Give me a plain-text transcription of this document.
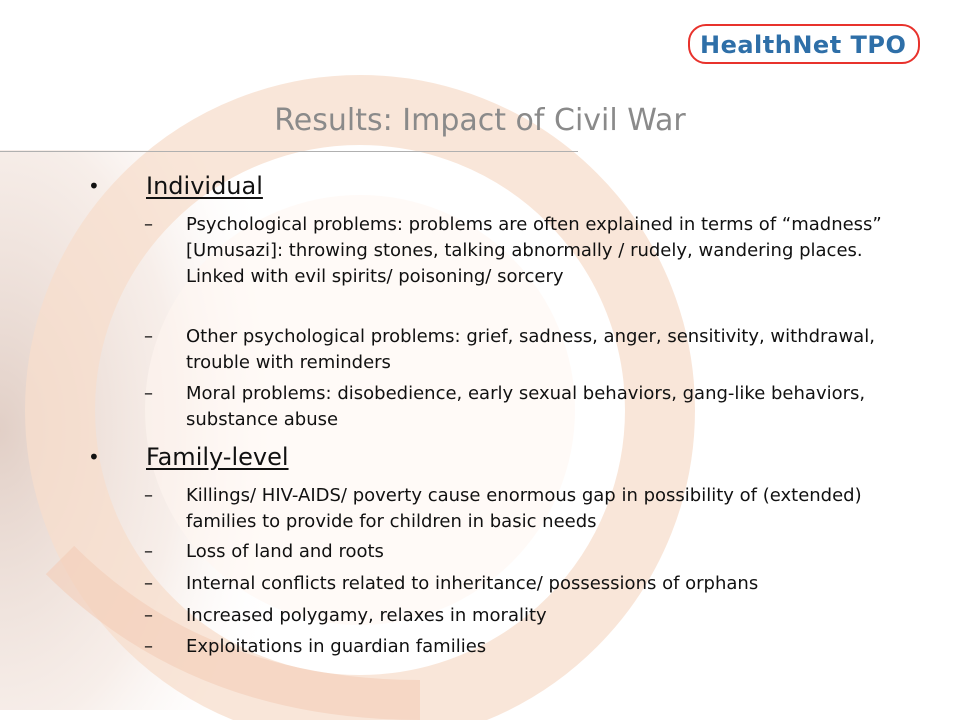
HealthNet TPO
Results: Impact of Civil War
• Individual
– Psychological problems: problems are often explained in terms of “madness” [Umusazi]: throwing stones, talking abnormally / rudely, wandering places. Linked with evil spirits/ poisoning/ sorcery
– Other psychological problems: grief, sadness, anger, sensitivity, withdrawal, trouble with reminders
– Moral problems: disobedience, early sexual behaviors, gang-like behaviors, substance abuse
• Family-level
– Killings/ HIV-AIDS/ poverty cause enormous gap in possibility of (extended) families to provide for children in basic needs
– Loss of land and roots
– Internal conflicts related to inheritance/ possessions of orphans
– Increased polygamy, relaxes in morality
– Exploitations in guardian families
